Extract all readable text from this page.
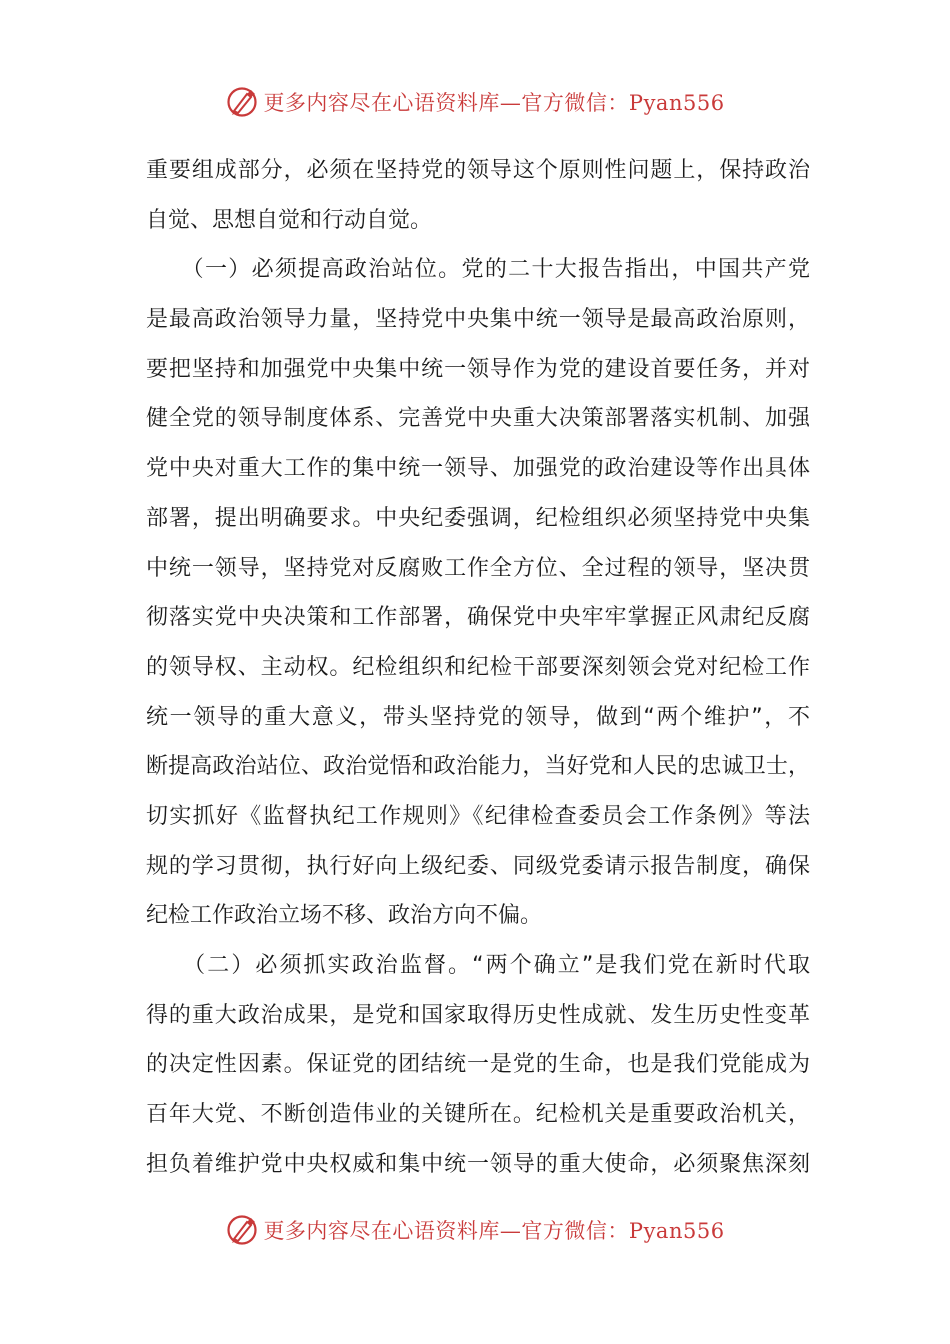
更多内容尽在心语资料库—官方微信：Pyan556
重要组成部分，必须在坚持党的领导这个原则性问题上，保持政治
自觉、思想自觉和行动自觉。
　　（一）必须提高政治站位。党的二十大报告指出，中国共产党
是最高政治领导力量，坚持党中央集中统一领导是最高政治原则，
要把坚持和加强党中央集中统一领导作为党的建设首要任务，并对
健全党的领导制度体系、完善党中央重大决策部署落实机制、加强
党中央对重大工作的集中统一领导、加强党的政治建设等作出具体
部署，提出明确要求。中央纪委强调，纪检组织必须坚持党中央集
中统一领导，坚持党对反腐败工作全方位、全过程的领导，坚决贯
彻落实党中央决策和工作部署，确保党中央牢牢掌握正风肃纪反腐
的领导权、主动权。纪检组织和纪检干部要深刻领会党对纪检工作
统一领导的重大意义，带头坚持党的领导，做到“两个维护”，不
断提高政治站位、政治觉悟和政治能力，当好党和人民的忠诚卫士，
切实抓好《监督执纪工作规则》《纪律检查委员会工作条例》等法
规的学习贯彻，执行好向上级纪委、同级党委请示报告制度，确保
纪检工作政治立场不移、政治方向不偏。
　　（二）必须抓实政治监督。“两个确立”是我们党在新时代取
得的重大政治成果，是党和国家取得历史性成就、发生历史性变革
的决定性因素。保证党的团结统一是党的生命，也是我们党能成为
百年大党、不断创造伟业的关键所在。纪检机关是重要政治机关，
担负着维护党中央权威和集中统一领导的重大使命，必须聚焦深刻
更多内容尽在心语资料库—官方微信：Pyan556
